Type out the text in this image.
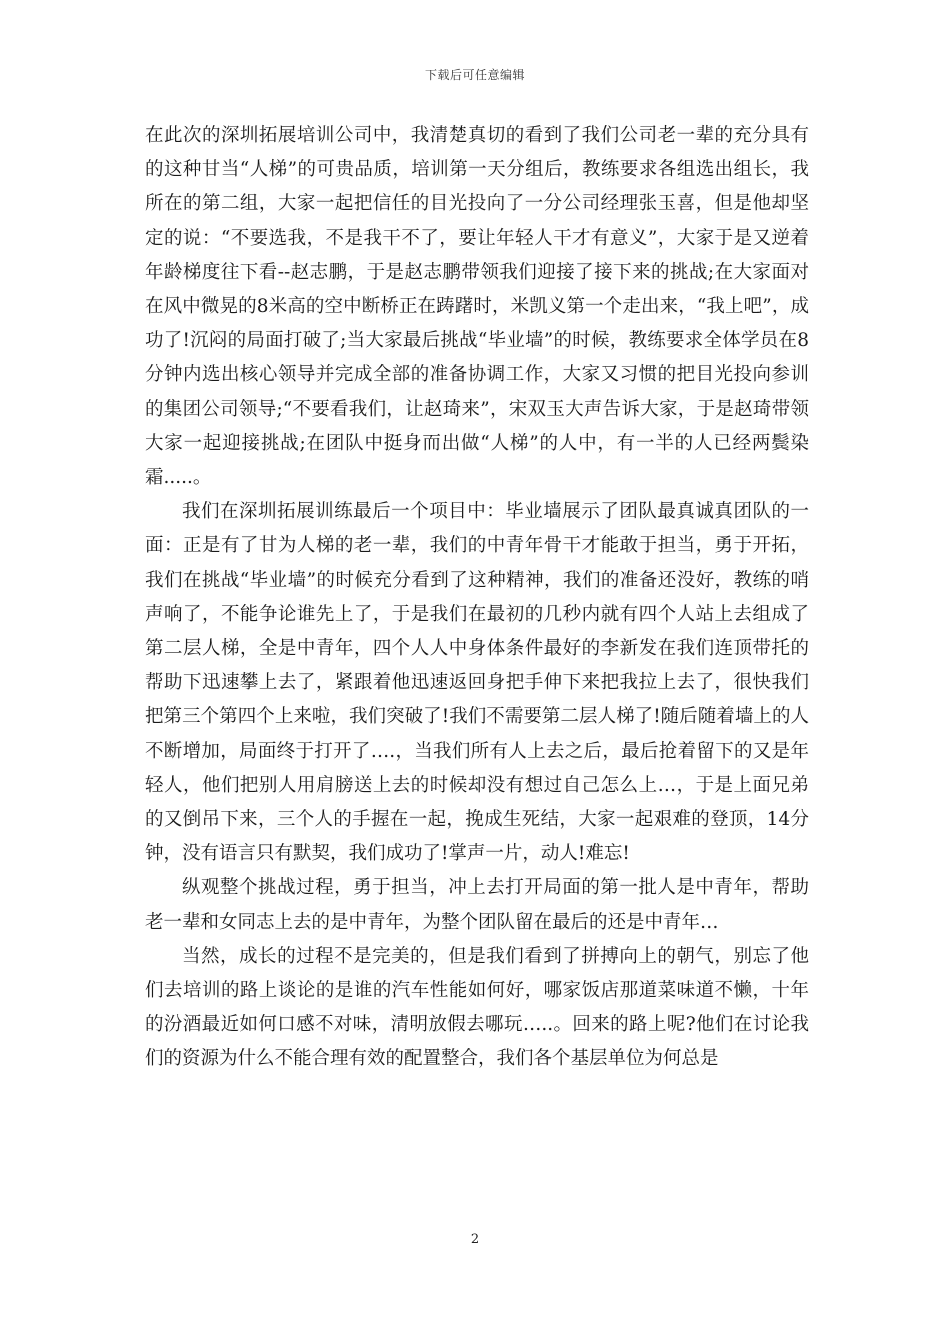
下载后可任意编辑

在此次的深圳拓展培训公司中，我清楚真切的看到了我们公司老一辈的充分具有的这种甘当“人梯”的可贵品质，培训第一天分组后，教练要求各组选出组长，我所在的第二组，大家一起把信任的目光投向了一分公司经理张玉喜，但是他却坚定的说：“不要选我，不是我干不了，要让年轻人干才有意义”，大家于是又逆着年龄梯度往下看--赵志鹏，于是赵志鹏带领我们迎接了接下来的挑战;在大家面对在风中微晃的8米高的空中断桥正在踌躇时，米凯义第一个走出来，“我上吧”，成功了!沉闷的局面打破了;当大家最后挑战“毕业墙”的时候，教练要求全体学员在8分钟内选出核心领导并完成全部的准备协调工作，大家又习惯的把目光投向参训的集团公司领导;“不要看我们，让赵琦来”，宋双玉大声告诉大家，于是赵琦带领大家一起迎接挑战;在团队中挺身而出做“人梯”的人中，有一半的人已经两鬓染霜.....。

我们在深圳拓展训练最后一个项目中：毕业墙展示了团队最真诚真团队的一面：正是有了甘为人梯的老一辈，我们的中青年骨干才能敢于担当，勇于开拓，我们在挑战“毕业墙”的时候充分看到了这种精神，我们的准备还没好，教练的哨声响了，不能争论谁先上了，于是我们在最初的几秒内就有四个人站上去组成了第二层人梯，全是中青年，四个人人中身体条件最好的李新发在我们连顶带托的帮助下迅速攀上去了，紧跟着他迅速返回身把手伸下来把我拉上去了，很快我们把第三个第四个上来啦，我们突破了!我们不需要第二层人梯了!随后随着墙上的人不断增加，局面终于打开了….，当我们所有人上去之后，最后抢着留下的又是年轻人，他们把别人用肩膀送上去的时候却没有想过自己怎么上…，于是上面兄弟的又倒吊下来，三个人的手握在一起，挽成生死结，大家一起艰难的登顶，14分钟，没有语言只有默契，我们成功了!掌声一片，动人!难忘!

纵观整个挑战过程，勇于担当，冲上去打开局面的第一批人是中青年，帮助老一辈和女同志上去的是中青年，为整个团队留在最后的还是中青年…

当然，成长的过程不是完美的，但是我们看到了拼搏向上的朝气，别忘了他们去培训的路上谈论的是谁的汽车性能如何好，哪家饭店那道菜味道不懒，十年的汾酒最近如何口感不对味，清明放假去哪玩…..。回来的路上呢?他们在讨论我们的资源为什么不能合理有效的配置整合，我们各个基层单位为何总是

2
